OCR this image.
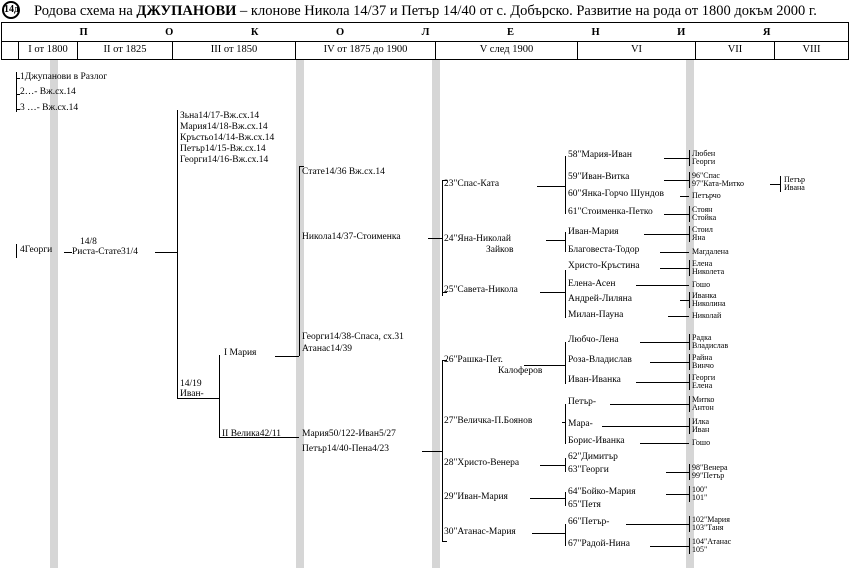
14д Родова схема на ДЖУПАНОВИ – клонове Никола 14/37 и Петър 14/40 от с. Добърско. Развитие на рода от 1800 докъм 2000 г.
П	О	К	О	Л	Е	Н	И	Я
I от 1800	II от 1825	III от 1850	IV от 1875 до 1900	V след 1900	VI	VII	VIII
1Джупанови в Разлог
2…- Вж.сх.14
3 …- Вж.сх.14
4Георги
14/8
Риста-Стате31/4
Зьна14/17-Вж.сх.14
Мария14/18-Вж.сх.14
Кръстьо14/14-Вж.сх.14
Петър14/15-Вж.сх.14
Георги14/16-Вж.сх.14
14/19
Иван-
I Мария
II Велика42/11
Стате14/36 Вж.сх.14
Никола14/37-Стоименка
Георги14/38-Спаса, сх.31
Атанас14/39
Мария50/122-Иван5/27
Петър14/40-Пена4/23
23"Спас-Ката
24"Яна-Николай
Зайков
25"Савета-Никола
26"Рашка-Пет.
Калоферов
27"Величка-П.Боянов
28"Христо-Венера
29"Иван-Мария
30"Атанас-Мария
58"Мария-Иван
59"Иван-Витка
60"Янка-Горчо Шундов
61"Стоименка-Петко
Иван-Мария
Благовеста-Тодор
Христо-Кръстина
Елена-Асен
Андрей-Лиляна
Милан-Пауна
Любчо-Лена
Роза-Владислав
Иван-Иванка
Петър-
Мара-
Борис-Иванка
62"Димитър
63"Георги
64"Бойко-Мария
65"Петя
66"Петър-
67"Радой-Нина
Любен
Георги
96"Спас
97"Ката-Митко
Петърчо
Стоян
Стойка
Стоил
Яна
Магдалена
Елена
Николета
Гошо
Иванка
Николина
Николай
Радка
Владислав
Райна
Винчо
Георги
Елена
Митко
Антон
Илка
Иван
Гошо
98"Венера
99"Петър
100"
101"
102"Мария
103"Таня
104"Атанас
105"
Петър
Ивана
